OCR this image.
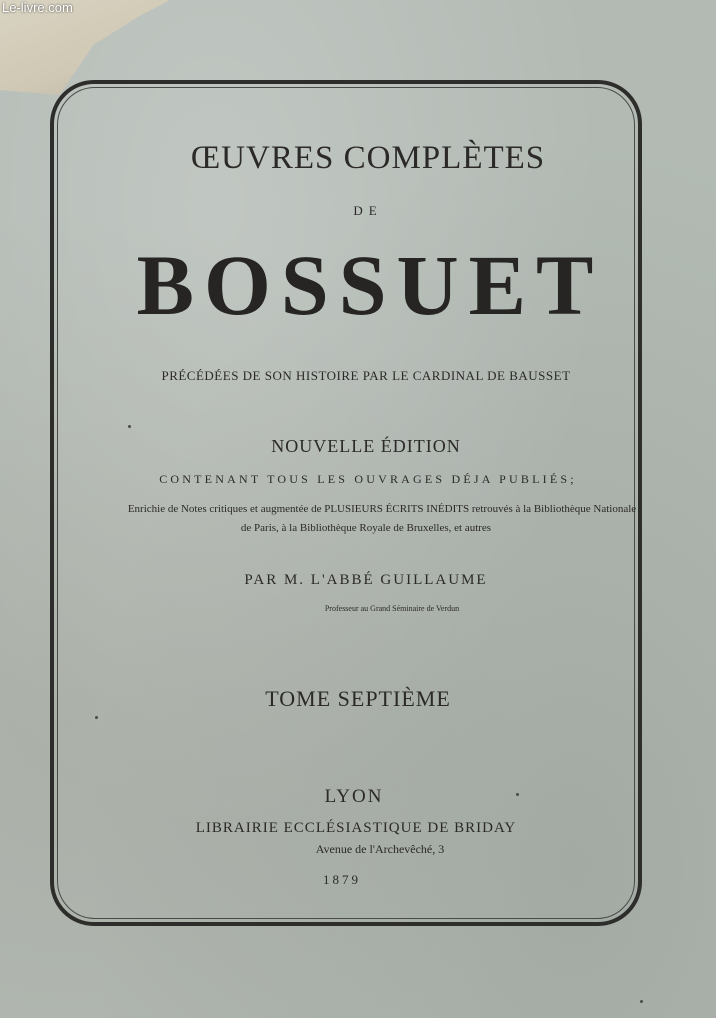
Le-livre.com
ŒUVRES COMPLÈTES
DE
BOSSUET
PRÉCÉDÉES DE SON HISTOIRE PAR LE CARDINAL DE BAUSSET
NOUVELLE ÉDITION
CONTENANT TOUS LES OUVRAGES DÉJA PUBLIÉS;
Enrichie de Notes critiques et augmentée de PLUSIEURS ÉCRITS INÉDITS retrouvés à la Bibliothèque Nationale
de Paris, à la Bibliothèque Royale de Bruxelles, et autres
PAR M. L'ABBÉ GUILLAUME
Professeur au Grand Séminaire de Verdun
TOME SEPTIÈME
LYON
LIBRAIRIE ECCLÉSIASTIQUE DE BRIDAY
Avenue de l'Archevêché, 3
1879
